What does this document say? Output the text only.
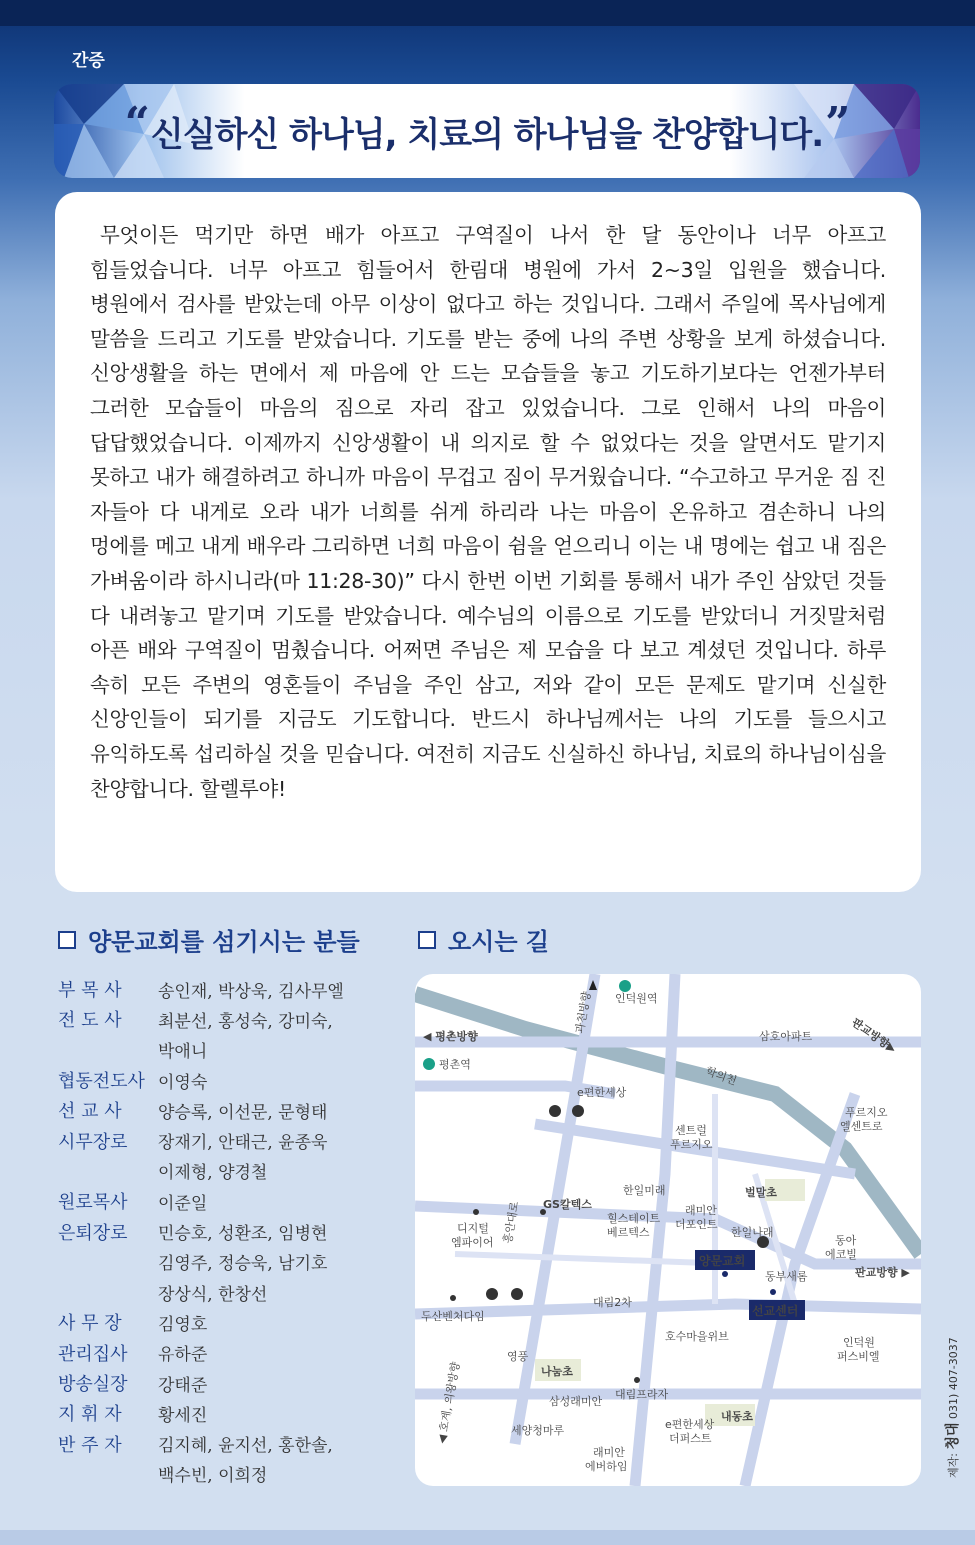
간증
“ 신실하신 하나님, 치료의 하나님을 찬양합니다. ”

무엇이든 먹기만 하면 배가 아프고 구역질이 나서 한 달 동안이나 너무 아프고 힘들었습니다. 너무 아프고 힘들어서 한림대 병원에 가서 2~3일 입원을 했습니다. 병원에서 검사를 받았는데 아무 이상이 없다고 하는 것입니다. 그래서 주일에 목사님에게 말씀을 드리고 기도를 받았습니다. 기도를 받는 중에 나의 주변 상황을 보게 하셨습니다. 신앙생활을 하는 면에서 제 마음에 안 드는 모습들을 놓고 기도하기보다는 언젠가부터 그러한 모습들이 마음의 짐으로 자리 잡고 있었습니다. 그로 인해서 나의 마음이 답답했었습니다. 이제까지 신앙생활이 내 의지로 할 수 없었다는 것을 알면서도 맡기지 못하고 내가 해결하려고 하니까 마음이 무겁고 짐이 무거웠습니다. “수고하고 무거운 짐 진 자들아 다 내게로 오라 내가 너희를 쉬게 하리라 나는 마음이 온유하고 겸손하니 나의 멍에를 메고 내게 배우라 그리하면 너희 마음이 쉼을 얻으리니 이는 내 명에는 쉽고 내 짐은 가벼움이라 하시니라(마 11:28-30)” 다시 한번 이번 기회를 통해서 내가 주인 삼았던 것들 다 내려놓고 맡기며 기도를 받았습니다. 예수님의 이름으로 기도를 받았더니 거짓말처럼 아픈 배와 구역질이 멈췄습니다. 어쩌면 주님은 제 모습을 다 보고 계셨던 것입니다. 하루 속히 모든 주변의 영혼들이 주님을 주인 삼고, 저와 같이 모든 문제도 맡기며 신실한 신앙인들이 되기를 지금도 기도합니다. 반드시 하나님께서는 나의 기도를 들으시고 유익하도록 섭리하실 것을 믿습니다. 여전히 지금도 신실하신 하나님, 치료의 하나님이심을 찬양합니다. 할렐루야!

양문교회를 섬기시는 분들	오시는 길
부 목 사	송인재, 박상욱, 김사무엘
전 도 사	최분선, 홍성숙, 강미숙,
박애니
협동전도사 이영숙
선 교 사	양승록, 이선문, 문형태
시무장로	장재기, 안태근, 윤종욱
이제형, 양경철
원로목사	이준일
은퇴장로	민승호, 성환조, 임병현
김영주, 정승욱, 남기호
장상식, 한창선
사 무 장	김영호
관리집사	유하준
방송실장	강태준
지 휘 자	황세진
반 주 자	김지혜, 윤지선, 홍한솔,
백수빈, 이희정
인덕원역
과천방향
◀ 평촌방향	삼호아파트	판교방향▶
평촌역
학의천
e편한세상
푸르지오
엘센트로
센트럴
푸르지오
한일미래	벌말초
GS칼텍스
힐스테이트
베르텍스
래미안
더포인트
한일나래
디지털
엠파이어 흥안대로	동아
에코빌
양문교회
동부새롬	판교방향 ▶
대림2차
두산벤처다임	선교센터
호수마을위브	인덕원
퍼스비엘
영풍
나눔초
삼성래미안
대림프라자
◀ 호계, 의왕방향	세양청마루	e편한세상
더퍼스트
내동초
래미안
에버하임	제작: 청대 031) 407-3037
